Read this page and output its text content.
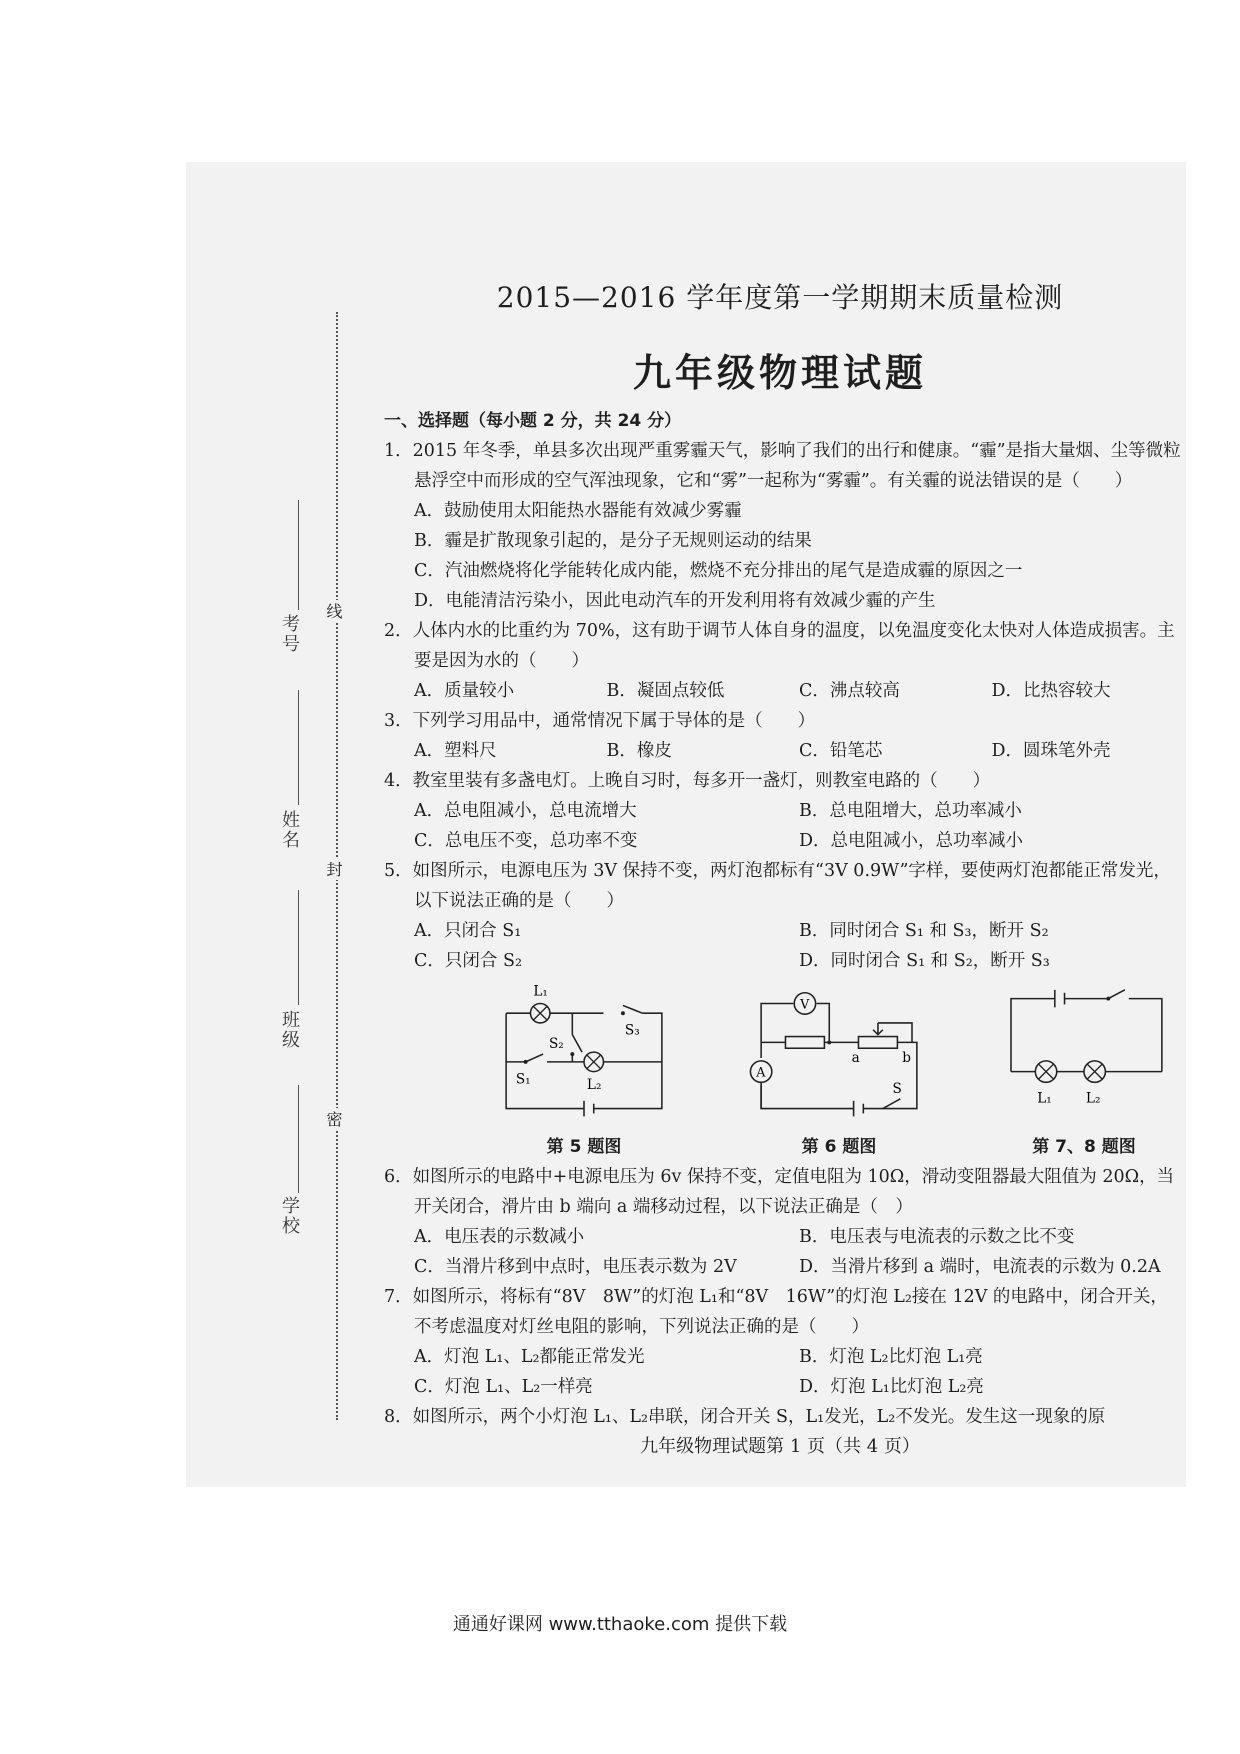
考号
姓名
班级
学校
线
封
密
2015—2016 学年度第一学期期末质量检测
九年级物理试题
一、选择题（每小题 2 分，共 24 分）
1．2015 年冬季，单县多次出现严重雾霾天气，影响了我们的出行和健康。“霾”是指大量烟、尘等微粒悬浮空中而形成的空气浑浊现象，它和“雾”一起称为“雾霾”。有关霾的说法错误的是（　　）
A．鼓励使用太阳能热水器能有效减少雾霾
B．霾是扩散现象引起的，是分子无规则运动的结果
C．汽油燃烧将化学能转化成内能，燃烧不充分排出的尾气是造成霾的原因之一
D．电能清洁污染小，因此电动汽车的开发利用将有效减少霾的产生
2．人体内水的比重约为 70%，这有助于调节人体自身的温度，以免温度变化太快对人体造成损害。主要是因为水的（　　）
A．质量较小	B．凝固点较低	C．沸点较高	D．比热容较大
3．下列学习用品中，通常情况下属于导体的是（　　）
A．塑料尺	B．橡皮	C．铅笔芯	D．圆珠笔外壳
4．教室里装有多盏电灯。上晚自习时，每多开一盏灯，则教室电路的（　　）
A．总电阻减小，总电流增大	B．总电阻增大，总功率减小
C．总电压不变，总功率不变	D．总电阻减小，总功率减小
5．如图所示，电源电压为 3V 保持不变，两灯泡都标有“3V 0.9W”字样，要使两灯泡都能正常发光，以下说法正确的是（　　）
A．只闭合 S₁	B．同时闭合 S₁ 和 S₃，断开 S₂
C．只闭合 S₂	D．同时闭合 S₁ 和 S₂，断开 S₃
L₁
L₂
S₂
S₃
S₁
第 5 题图
V
A
a	b
S
第 6 题图
L₁ L₂
第 7、8 题图
6．如图所示的电路中+电源电压为 6v 保持不变，定值电阻为 10Ω，滑动变阻器最大阻值为 20Ω，当开关闭合，滑片由 b 端向 a 端移动过程，以下说法正确是（　）
A．电压表的示数减小	B．电压表与电流表的示数之比不变
C．当滑片移到中点时，电压表示数为 2V	D．当滑片移到 a 端时，电流表的示数为 0.2A
7．如图所示，将标有“8V　8W”的灯泡 L₁和“8V　16W”的灯泡 L₂接在 12V 的电路中，闭合开关，不考虑温度对灯丝电阻的影响，下列说法正确的是（　　）
A．灯泡 L₁、L₂都能正常发光	B．灯泡 L₂比灯泡 L₁亮
C．灯泡 L₁、L₂一样亮	D．灯泡 L₁比灯泡 L₂亮
8．如图所示，两个小灯泡 L₁、L₂串联，闭合开关 S，L₁发光，L₂不发光。发生这一现象的原
九年级物理试题第 1 页（共 4 页）
通通好课网 www.tthaoke.com 提供下载
